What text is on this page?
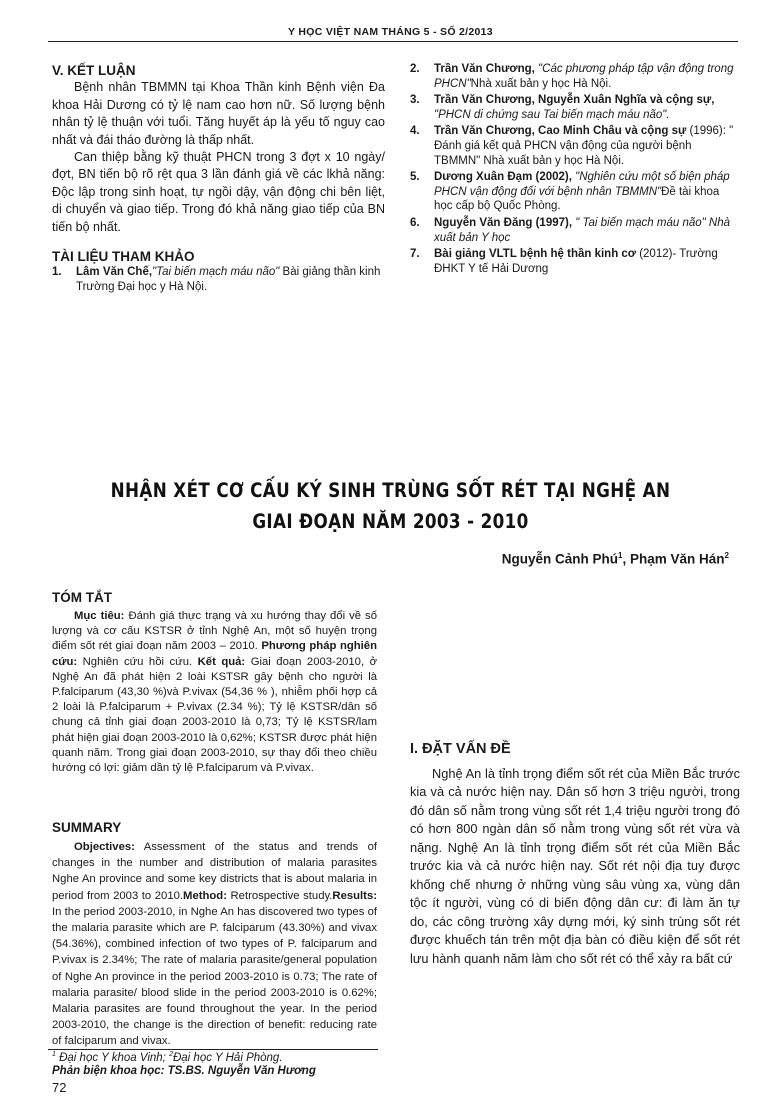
Y HỌC VIỆT NAM THÁNG 5 - SỐ 2/2013

V. KẾT LUẬN

Bệnh nhân TBMMN tại Khoa Thần kinh Bệnh viện Đa khoa Hải Dương có tỷ lệ nam cao hơn nữ. Số lượng bệnh nhân tỷ lệ thuận với tuổi. Tăng huyết áp là yếu tố nguy cao nhất và đái tháo đường là thấp nhất.

Can thiệp bằng kỹ thuật PHCN trong 3 đợt x 10 ngày/đợt, BN tiến bộ rõ rệt qua 3 lần đánh giá về các lkhả năng: Độc lập trong sinh hoạt, tự ngồi dậy, vận động chi bên liệt, di chuyển và giao tiếp. Trong đó khả năng giao tiếp của BN tiến bộ nhất.

TÀI LIỆU THAM KHẢO

1.	Lâm Văn Chế,"Tai biến mạch máu não" Bài giảng thần kinh Trường Đại học y Hà Nội.
2.	Trần Văn Chương, "Các phương pháp tập vận động trong PHCN"Nhà xuất bản y học Hà Nội.
3.	Trần Văn Chương, Nguyễn Xuân Nghĩa và cộng sự, "PHCN di chứng sau Tai biến mạch máu não".
4.	Trần Văn Chương, Cao Minh Châu và cộng sự (1996): " Đánh giá kết quả PHCN vận động của người bệnh TBMMN" Nhà xuất bản y học Hà Nội.
5.	Dương Xuân Đạm (2002), "Nghiên cứu một số biện pháp PHCN vận động đối với bệnh nhân TBMMN"Đề tài khoa học cấp bộ Quốc Phòng.
6.	Nguyễn Văn Đăng (1997), " Tai biến mạch máu não" Nhà xuất bản Y học
7.	Bài giảng VLTL bệnh hệ thần kinh cơ (2012)- Trường ĐHKT Y tế Hải Dương
NHẬN XÉT CƠ CẤU KÝ SINH TRÙNG SỐT RÉT TẠI NGHỆ AN
GIAI ĐOẠN NĂM 2003 - 2010
Nguyễn Cảnh Phú$^1$, Phạm Văn Hán$^2$

TÓM TẮT

Mục tiêu: Đánh giá thực trạng và xu hướng thay đổi về số lượng và cơ cấu KSTSR ở tỉnh Nghệ An, một số huyện trọng điểm sốt rét giai đoạn năm 2003 – 2010. Phương pháp nghiên cứu: Nghiên cứu hồi cứu. Kết quả: Giai đoạn 2003-2010, ở Nghệ An đã phát hiện 2 loài KSTSR gây bệnh cho người là P.falciparum (43,30 %)và P.vivax (54,36 % ), nhiễm phối hợp cả 2 loài là P.falciparum + P.vivax (2.34 %); Tỷ lệ KSTSR/dân số chung cả tỉnh giai đoạn 2003-2010 là 0,73; Tỷ lệ KSTSR/lam phát hiện giai đoạn 2003-2010 là 0,62%; KSTSR được phát hiện quanh năm. Trong giai đoạn 2003-2010, sự thay đổi theo chiều hướng có lợi: giảm dần tỷ lệ P.falciparum và P.vivax.

SUMMARY

Objectives: Assessment of the status and trends of changes in the number and distribution of malaria parasites Nghe An province and some key districts that is about malaria in period from 2003 to 2010.Method: Retrospective study.Results: In the period 2003-2010, in Nghe An has discovered two types of the malaria parasite which are P. falciparum (43.30%) and vivax (54.36%), combined infection of two types of P. falciparum and P.vivax is 2.34%; The rate of malaria parasite/general population of Nghe An province in the period 2003-2010 is 0.73; The rate of malaria parasite/ blood slide in the period 2003-2010 is 0.62%; Malaria parasites are found throughout the year. In the period 2003-2010, the change is the direction of benefit: reducing rate of falciparum and vivax.

I. ĐẶT VẤN ĐỀ

Nghệ An là tỉnh trọng điểm sốt rét của Miền Bắc trước kia và cả nước hiện nay. Dân số hơn 3 triệu người, trong đó dân số nằm trong vùng sốt rét 1,4 triệu người trong đó có hơn 800 ngàn dân số nằm trong vùng sốt rét vừa và nặng. Nghệ An là tỉnh trọng điểm sốt rét của Miền Bắc trước kia và cả nước hiện nay. Sốt rét nội địa tuy được khống chế nhưng ở những vùng sâu vùng xa, vùng dân tộc ít người, vùng có di biến động dân cư: đi làm ăn tự do, các công trường xây dựng mới, ký sinh trùng sốt rét được khuếch tán trên một địa bàn có điều kiện để sốt rét lưu hành quanh năm làm cho sốt rét có thể xảy ra bất cứ

$^1$ Đại học Y khoa Vinh; $^2$Đại học Y Hải Phòng.
Phản biện khoa học: TS.BS. Nguyễn Văn Hương
72
